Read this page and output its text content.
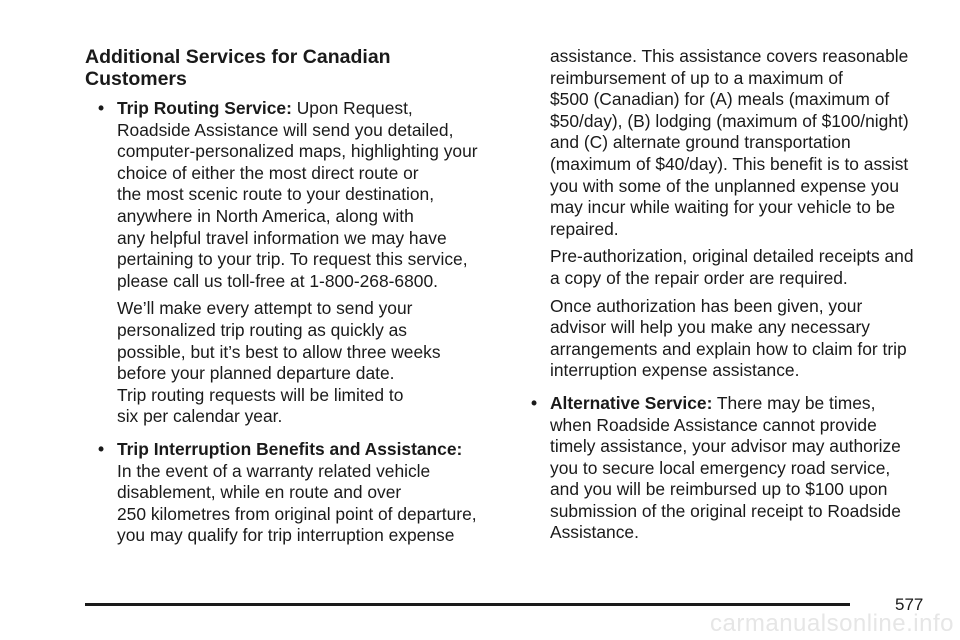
Additional Services for Canadian
Customers
• Trip Routing Service: Upon Request,
Roadside Assistance will send you detailed,
computer-personalized maps, highlighting your
choice of either the most direct route or
the most scenic route to your destination,
anywhere in North America, along with
any helpful travel information we may have
pertaining to your trip. To request this service,
please call us toll-free at 1-800-268-6800.

We’ll make every attempt to send your
personalized trip routing as quickly as
possible, but it’s best to allow three weeks
before your planned departure date.
Trip routing requests will be limited to
six per calendar year.

• Trip Interruption Benefits and Assistance:
In the event of a warranty related vehicle
disablement, while en route and over
250 kilometres from original point of departure,
you may qualify for trip interruption expense

assistance. This assistance covers reasonable
reimbursement of up to a maximum of
$500 (Canadian) for (A) meals (maximum of
$50/day), (B) lodging (maximum of $100/night)
and (C) alternate ground transportation
(maximum of $40/day). This benefit is to assist
you with some of the unplanned expense you
may incur while waiting for your vehicle to be
repaired.

Pre-authorization, original detailed receipts and
a copy of the repair order are required.

Once authorization has been given, your
advisor will help you make any necessary
arrangements and explain how to claim for trip
interruption expense assistance.

• Alternative Service: There may be times,
when Roadside Assistance cannot provide
timely assistance, your advisor may authorize
you to secure local emergency road service,
and you will be reimbursed up to $100 upon
submission of the original receipt to Roadside
Assistance.

577
carmanualsonline.info
